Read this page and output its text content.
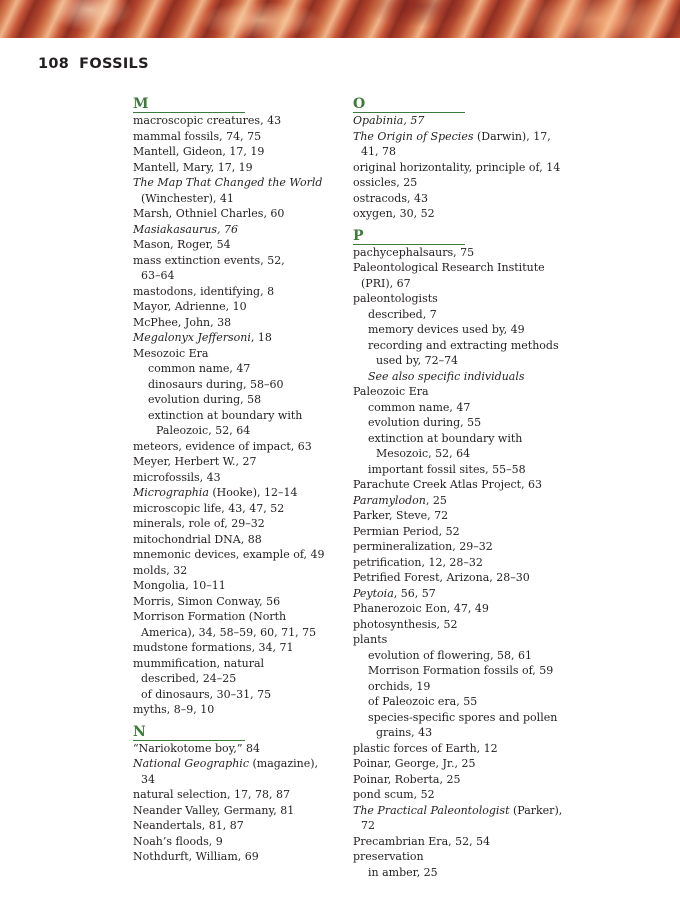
108 FOSSILS
M
macroscopic creatures, 43
mammal fossils, 74, 75
Mantell, Gideon, 17, 19
Mantell, Mary, 17, 19
The Map That Changed the World
(Winchester), 41
Marsh, Othniel Charles, 60
Masiakasaurus, 76
Mason, Roger, 54
mass extinction events, 52,
63–64
mastodons, identifying, 8
Mayor, Adrienne, 10
McPhee, John, 38
Megalonyx Jeffersoni, 18
Mesozoic Era
common name, 47
dinosaurs during, 58–60
evolution during, 58
extinction at boundary with
Paleozoic, 52, 64
meteors, evidence of impact, 63
Meyer, Herbert W., 27
microfossils, 43
Micrographia (Hooke), 12–14
microscopic life, 43, 47, 52
minerals, role of, 29–32
mitochondrial DNA, 88
mnemonic devices, example of, 49
molds, 32
Mongolia, 10–11
Morris, Simon Conway, 56
Morrison Formation (North
America), 34, 58–59, 60, 71, 75
mudstone formations, 34, 71
mummification, natural
described, 24–25
of dinosaurs, 30–31, 75
myths, 8–9, 10
N
“Nariokotome boy,” 84
National Geographic (magazine),
34
natural selection, 17, 78, 87
Neander Valley, Germany, 81
Neandertals, 81, 87
Noah’s floods, 9
Nothdurft, William, 69
O
Opabinia, 57
The Origin of Species (Darwin), 17,
41, 78
original horizontality, principle of, 14
ossicles, 25
ostracods, 43
oxygen, 30, 52
P
pachycephalsaurs, 75
Paleontological Research Institute
(PRI), 67
paleontologists
described, 7
memory devices used by, 49
recording and extracting methods
used by, 72–74
See also specific individuals
Paleozoic Era
common name, 47
evolution during, 55
extinction at boundary with
Mesozoic, 52, 64
important fossil sites, 55–58
Parachute Creek Atlas Project, 63
Paramylodon, 25
Parker, Steve, 72
Permian Period, 52
permineralization, 29–32
petrification, 12, 28–32
Petrified Forest, Arizona, 28–30
Peytoia, 56, 57
Phanerozoic Eon, 47, 49
photosynthesis, 52
plants
evolution of flowering, 58, 61
Morrison Formation fossils of, 59
orchids, 19
of Paleozoic era, 55
species-specific spores and pollen
grains, 43
plastic forces of Earth, 12
Poinar, George, Jr., 25
Poinar, Roberta, 25
pond scum, 52
The Practical Paleontologist (Parker),
72
Precambrian Era, 52, 54
preservation
in amber, 25
